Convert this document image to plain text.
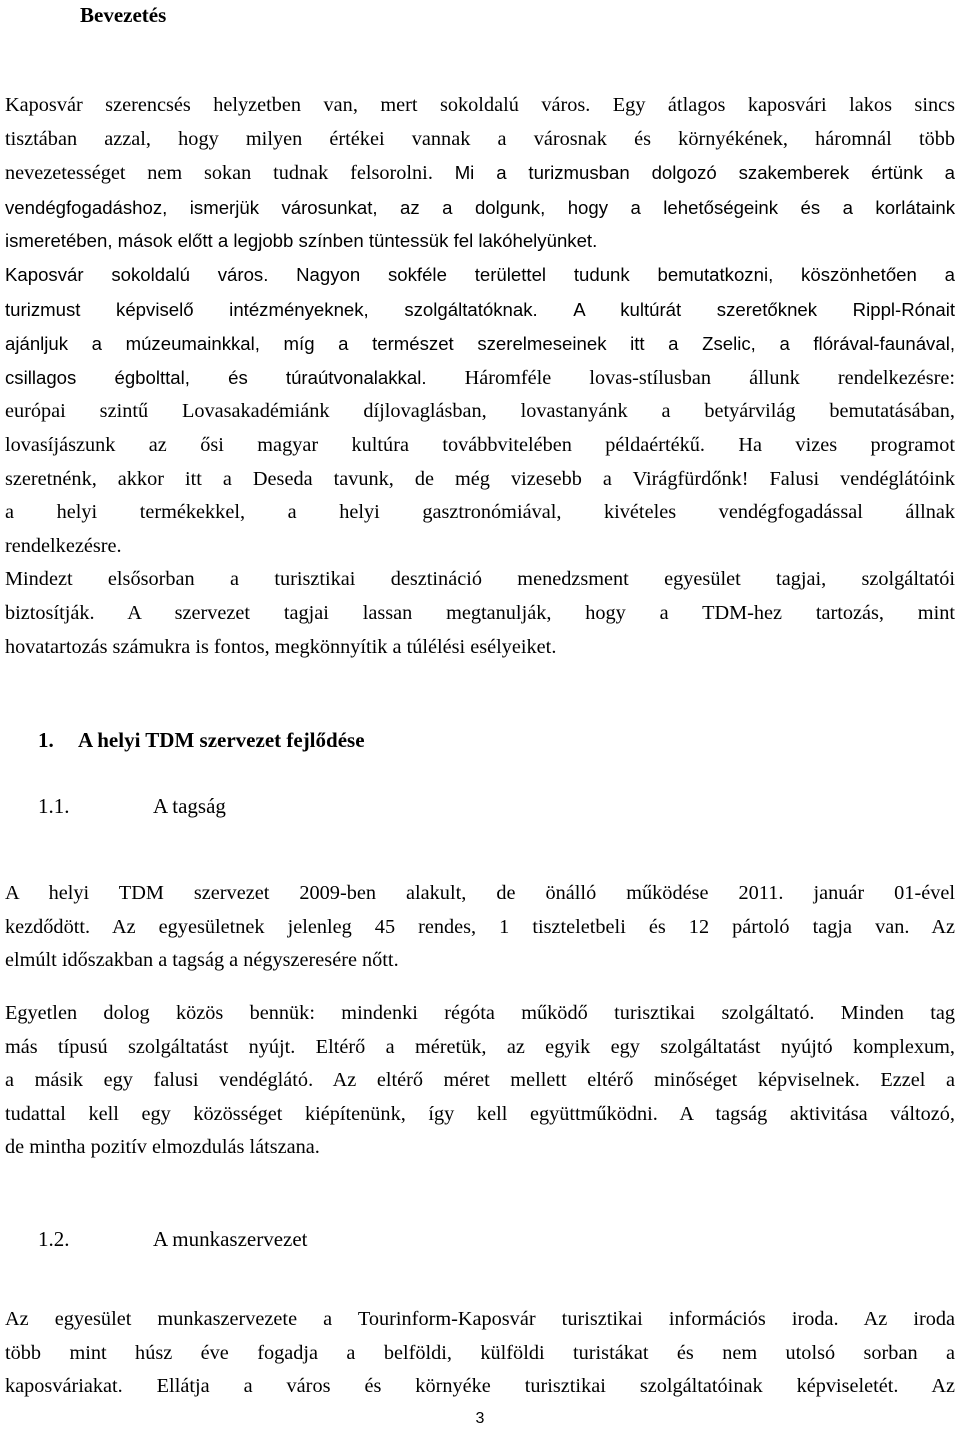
Bevezetés
Kaposvár szerencsés helyzetben van, mert sokoldalú város. Egy átlagos kaposvári lakos sincs
tisztában azzal, hogy milyen értékei vannak a városnak és környékének, háromnál több
nevezetességet nem sokan tudnak felsorolni. Mi a turizmusban dolgozó szakemberek értünk a
vendégfogadáshoz, ismerjük városunkat, az a dolgunk, hogy a lehetőségeink és a korlátaink
ismeretében, mások előtt a legjobb színben tüntessük fel lakóhelyünket.
Kaposvár sokoldalú város. Nagyon sokféle területtel tudunk bemutatkozni, köszönhetően a
turizmust képviselő intézményeknek, szolgáltatóknak. A kultúrát szeretőknek Rippl-Rónait
ajánljuk a múzeumainkkal, míg a természet szerelmeseinek itt a Zselic, a flórával-faunával,
csillagos égbolttal, és túraútvonalakkal. Háromféle lovas-stílusban állunk rendelkezésre:
európai szintű Lovasakadémiánk díjlovaglásban, lovastanyánk a betyárvilág bemutatásában,
lovasíjászunk az ősi magyar kultúra továbbvitelében példaértékű. Ha vizes programot
szeretnénk, akkor itt a Deseda tavunk, de még vizesebb a Virágfürdőnk! Falusi vendéglátóink
a helyi termékekkel, a helyi gasztronómiával, kivételes vendégfogadással állnak
rendelkezésre.
Mindezt elsősorban a turisztikai desztináció menedzsment egyesület tagjai, szolgáltatói
biztosítják. A szervezet tagjai lassan megtanulják, hogy a TDM-hez tartozás, mint
hovatartozás számukra is fontos, megkönnyítik a túlélési esélyeiket.
1. A helyi TDM szervezet fejlődése
1.1.	A tagság
A helyi TDM szervezet 2009-ben alakult, de önálló működése 2011. január 01-ével
kezdődött. Az egyesületnek jelenleg 45 rendes, 1 tiszteletbeli és 12 pártoló tagja van. Az
elmúlt időszakban a tagság a négyszeresére nőtt.
Egyetlen dolog közös bennük: mindenki régóta működő turisztikai szolgáltató. Minden tag
más típusú szolgáltatást nyújt. Eltérő a méretük, az egyik egy szolgáltatást nyújtó komplexum,
a másik egy falusi vendéglátó. Az eltérő méret mellett eltérő minőséget képviselnek. Ezzel a
tudattal kell egy közösséget kiépítenünk, így kell együttműködni. A tagság aktivitása változó,
de mintha pozitív elmozdulás látszana.
1.2.	A munkaszervezet
Az egyesület munkaszervezete a Tourinform-Kaposvár turisztikai információs iroda. Az iroda
több mint húsz éve fogadja a belföldi, külföldi turistákat és nem utolsó sorban a
kaposváriakat. Ellátja a város és környéke turisztikai szolgáltatóinak képviseletét. Az
3
